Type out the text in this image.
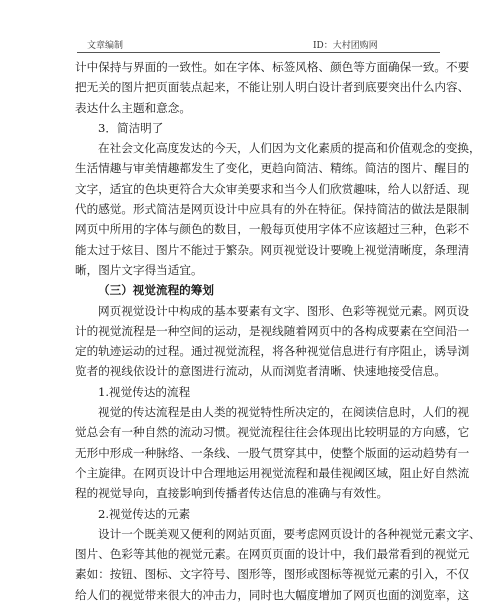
文章编制	ID：大村团购网
计中保持与界面的一致性。如在字体、标签风格、颜色等方面确保一致。不要
把无关的图片把页面装点起来，不能让别人明白设计者到底要突出什么内容、
表达什么主题和意念。
3．简洁明了
在社会文化高度发达的今天，人们因为文化素质的提高和价值观念的变换，
生活情趣与审美情趣都发生了变化，更趋向简洁、精练。简洁的图片、醒目的
文字，适宜的色块更符合大众审美要求和当今人们欣赏趣味，给人以舒适、现
代的感觉。形式简洁是网页设计中应具有的外在特征。保持简洁的做法是限制
网页中所用的字体与颜色的数目，一般每页使用字体不应该超过三种，色彩不
能太过于炫目、图片不能过于繁杂。网页视觉设计要晚上视觉清晰度，条理清
晰，图片文字得当适宜。
（三）视觉流程的筹划
网页视觉设计中构成的基本要素有文字、图形、色彩等视觉元素。网页设
计的视觉流程是一种空间的运动，是视线随着网页中的各构成要素在空间沿一
定的轨迹运动的过程。通过视觉流程，将各种视觉信息进行有序阻止，诱导浏
览者的视线依设计的意图进行流动，从而浏览者清晰、快速地接受信息。
1.视觉传达的流程
视觉的传达流程是由人类的视觉特性所决定的，在阅读信息时，人们的视
觉总会有一种自然的流动习惯。视觉流程往往会体现出比较明显的方向感，它
无形中形成一种脉络、一条线、一股气贯穿其中，使整个版面的运动趋势有一
个主旋律。在网页设计中合理地运用视觉流程和最佳视阈区域，阻止好自然流
程的视觉导向，直接影响到传播者传达信息的准确与有效性。
2.视觉传达的元素
设计一个既美观又便利的网站页面，要考虑网页设计的各种视觉元素文字、
图片、色彩等其他的视觉元素。在网页页面的设计中，我们最常看到的视觉元
素如：按钮、图标、文字符号、图形等，图形或图标等视觉元素的引入，不仅
给人们的视觉带来很大的冲击力，同时也大幅度增加了网页也面的浏览率，这
